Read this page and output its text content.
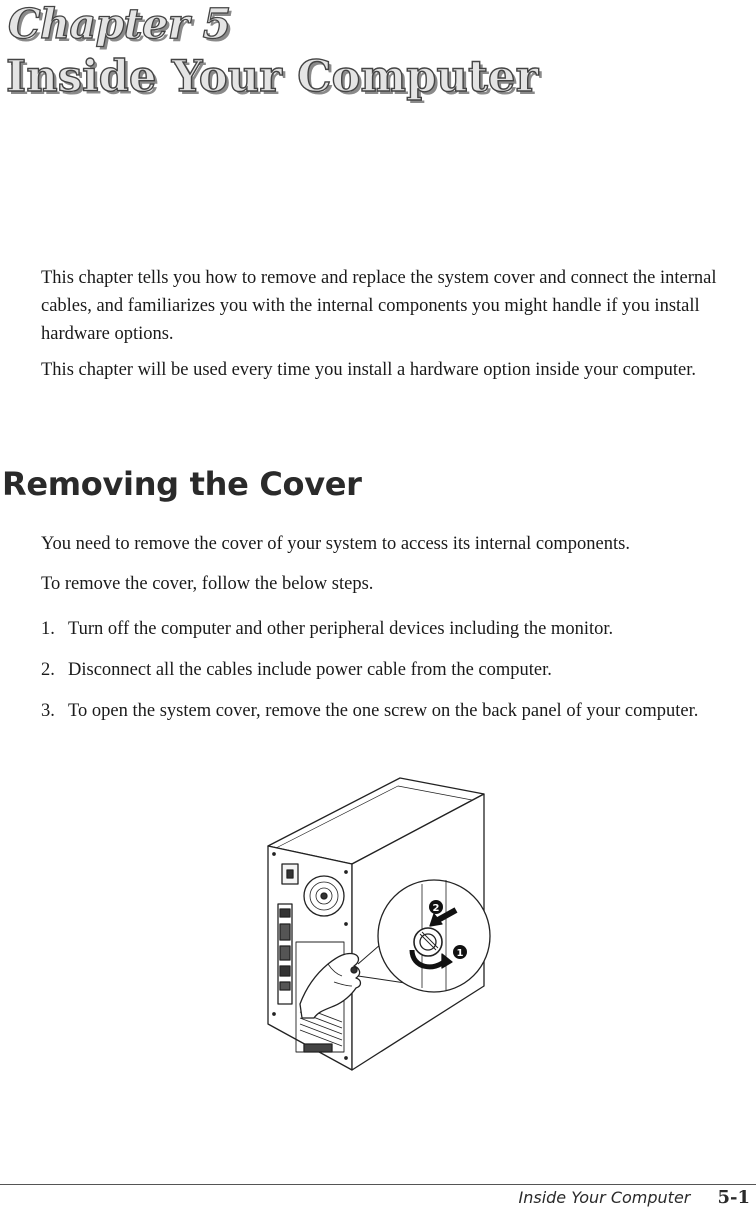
Chapter 5
Inside Your Computer

This chapter tells you how to remove and replace the system cover and connect the internal cables, and familiarizes you with the internal components you might handle if you install hardware options.

This chapter will be used every time you install a hardware option inside your computer.

Removing the Cover

You need to remove the cover of your system to access its internal components.

To remove the cover, follow the below steps.

1. Turn off the computer and other peripheral devices including the monitor.
2. Disconnect all the cables include power cable from the computer.
3. To open the system cover, remove the one screw on the back panel of your computer.
2
1
Inside Your Computer 5-1
